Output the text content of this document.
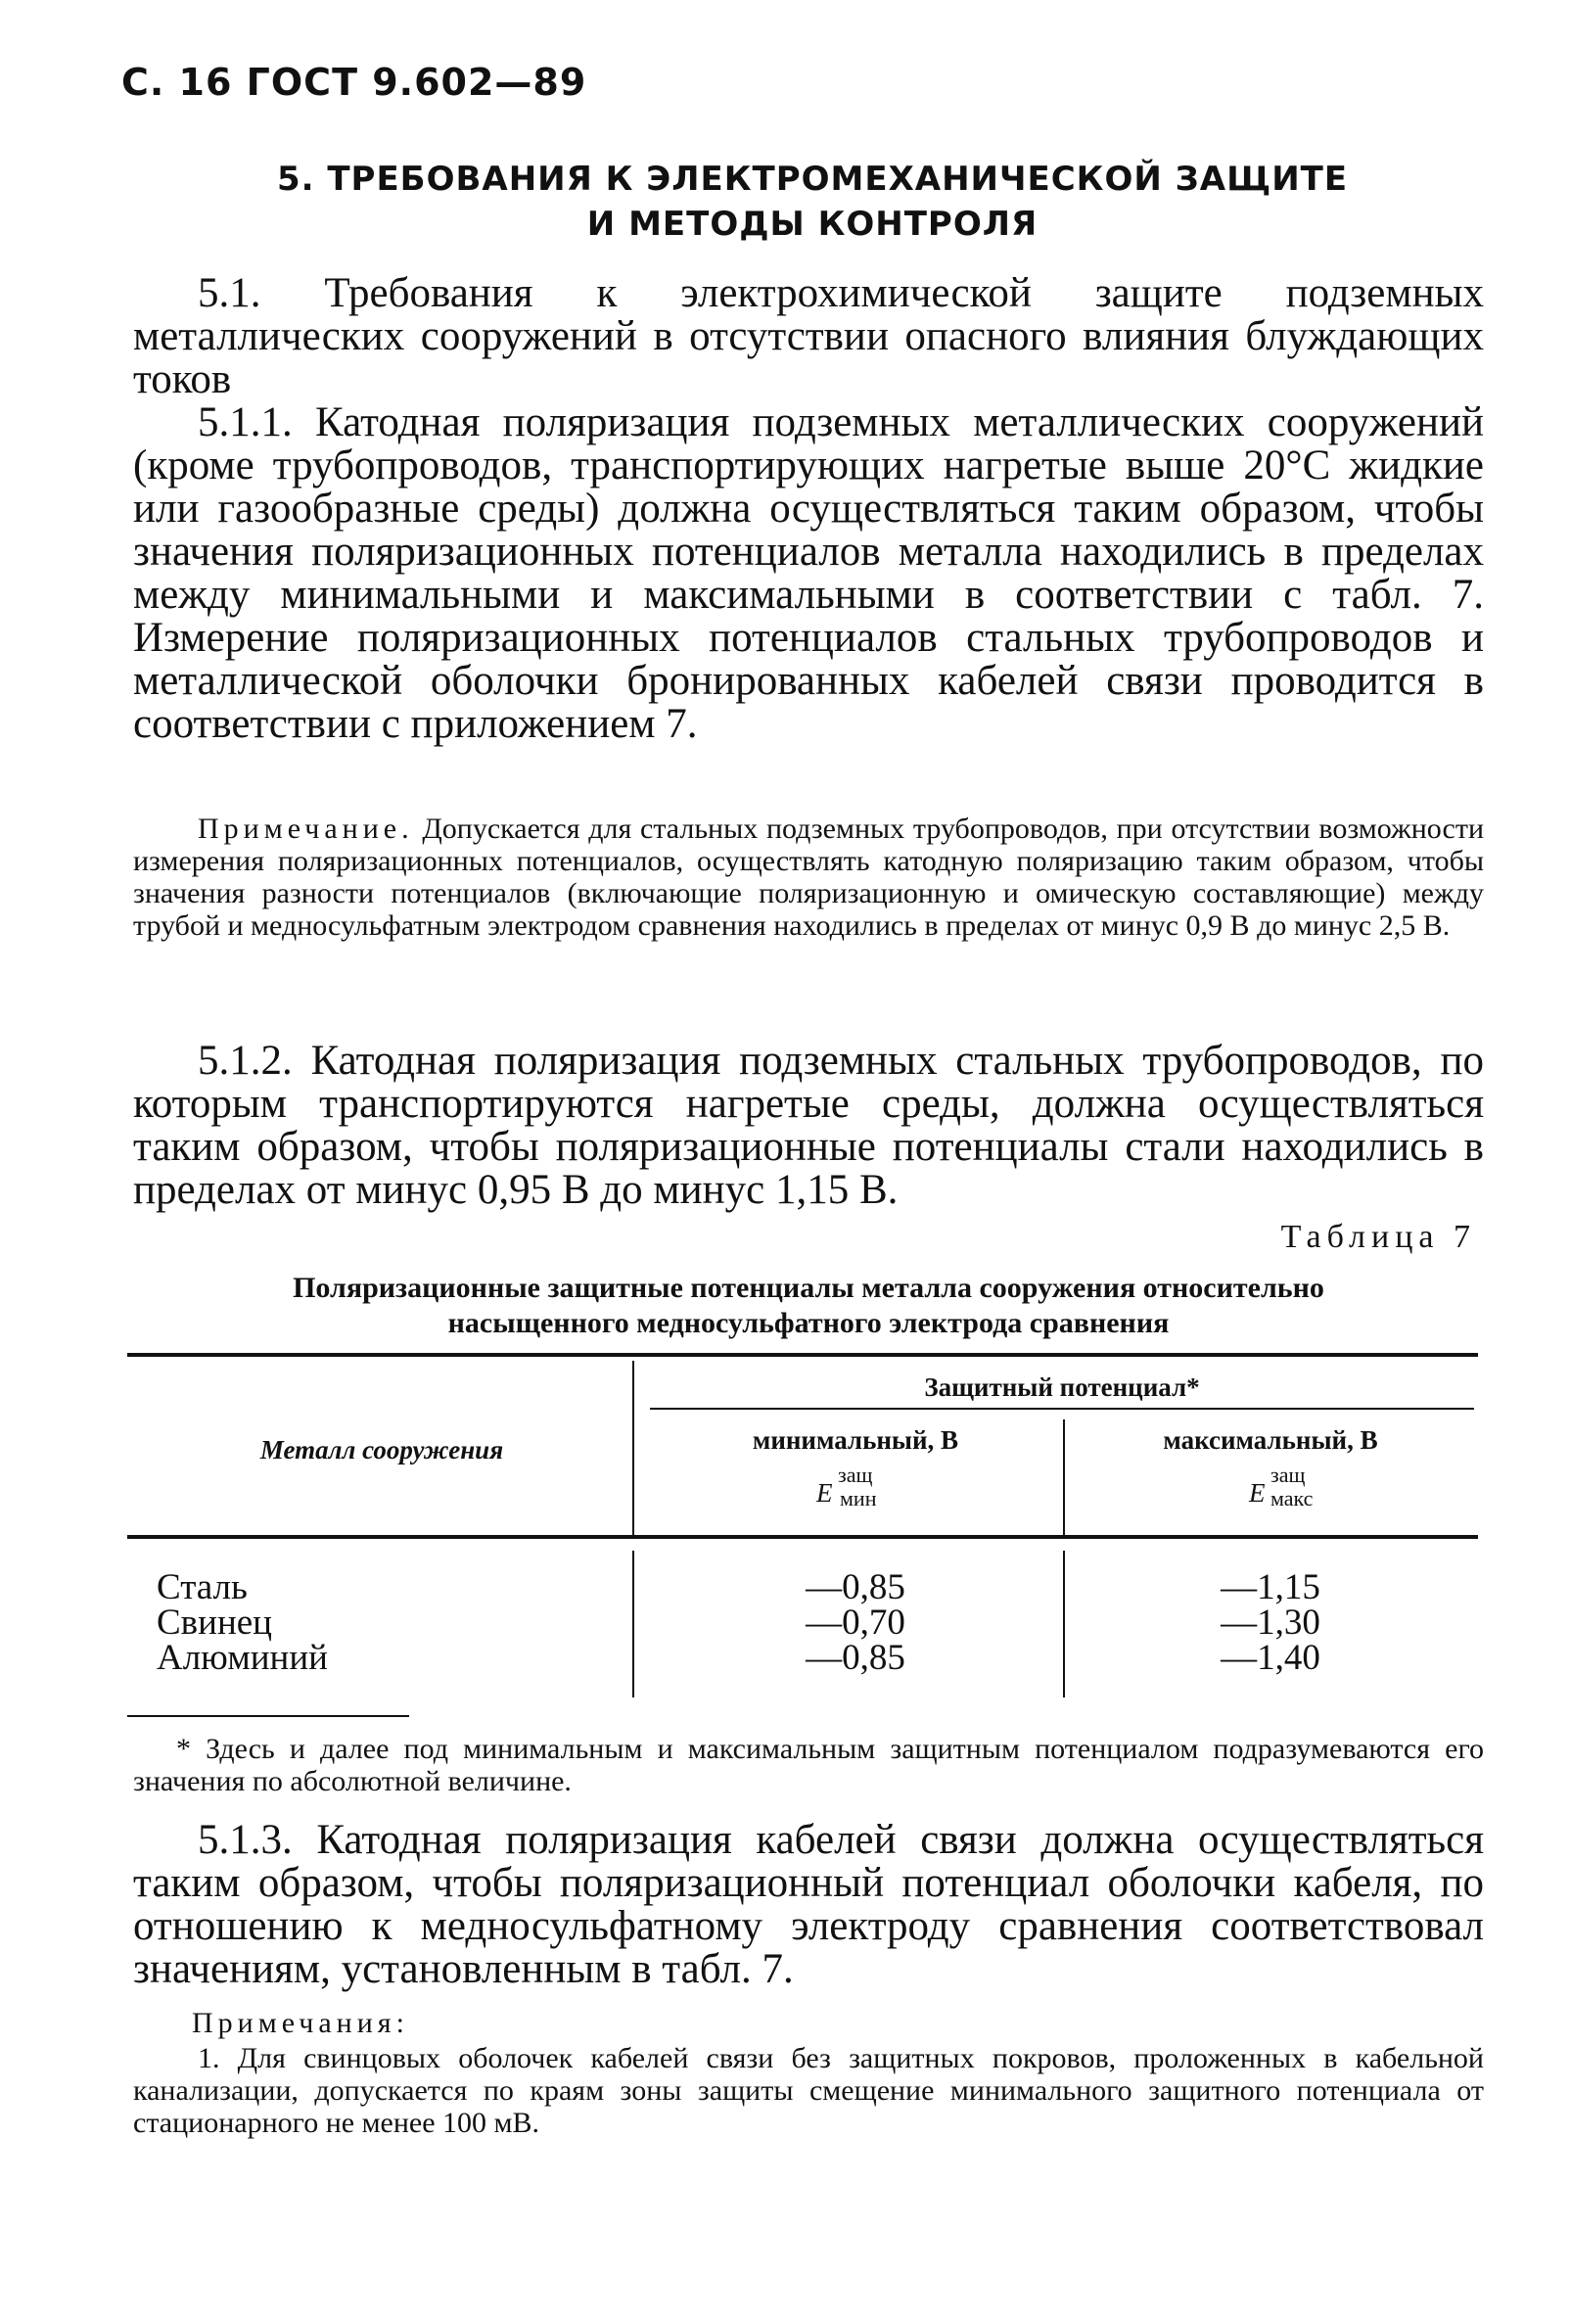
С. 16 ГОСТ 9.602—89
5. ТРЕБОВАНИЯ К ЭЛЕКТРОМЕХАНИЧЕСКОЙ ЗАЩИТЕ
И МЕТОДЫ КОНТРОЛЯ
5.1. Требования к электрохимической защите подземных металлических сооружений в отсутствии опасного влияния блуждающих токов
5.1.1. Катодная поляризация подземных металлических сооружений (кроме трубопроводов, транспортирующих нагретые выше 20°С жидкие или газообразные среды) должна осуществляться таким образом, чтобы значения поляризационных потенциалов металла находились в пределах между минимальными и максимальными в соответствии с табл. 7. Измерение поляризационных потенциалов стальных трубопроводов и металлической оболочки бронированных кабелей связи проводится в соответствии с приложением 7.
Примечание. Допускается для стальных подземных трубопроводов, при отсутствии возможности измерения поляризационных потенциалов, осуществлять катодную поляризацию таким образом, чтобы значения разности потенциалов (включающие поляризационную и омическую составляющие) между трубой и медносульфатным электродом сравнения находились в пределах от минус 0,9 В до минус 2,5 В.
5.1.2. Катодная поляризация подземных стальных трубопроводов, по которым транспортируются нагретые среды, должна осуществляться таким образом, чтобы поляризационные потенциалы стали находились в пределах от минус 0,95 В до минус 1,15 В.
Таблица 7
Поляризационные защитные потенциалы металла сооружения относительно
насыщенного медносульфатного электрода сравнения
Металл сооружения
Защитный потенциал*
минимальный, В	максимальный, В
E
защ
мин	E
защ
макс
Сталь	—0,85	—1,15
Свинец	—0,70	—1,30
Алюминий	—0,85	—1,40
* Здесь и далее под минимальным и максимальным защитным потенциалом подразумеваются его значения по абсолютной величине.
5.1.3. Катодная поляризация кабелей связи должна осуществляться таким образом, чтобы поляризационный потенциал оболочки кабеля, по отношению к медносульфатному электроду сравнения соответствовал значениям, установленным в табл. 7.
Примечания:
1. Для свинцовых оболочек кабелей связи без защитных покровов, проложенных в кабельной канализации, допускается по краям зоны защиты смещение минимального защитного потенциала от стационарного не менее 100 мВ.
